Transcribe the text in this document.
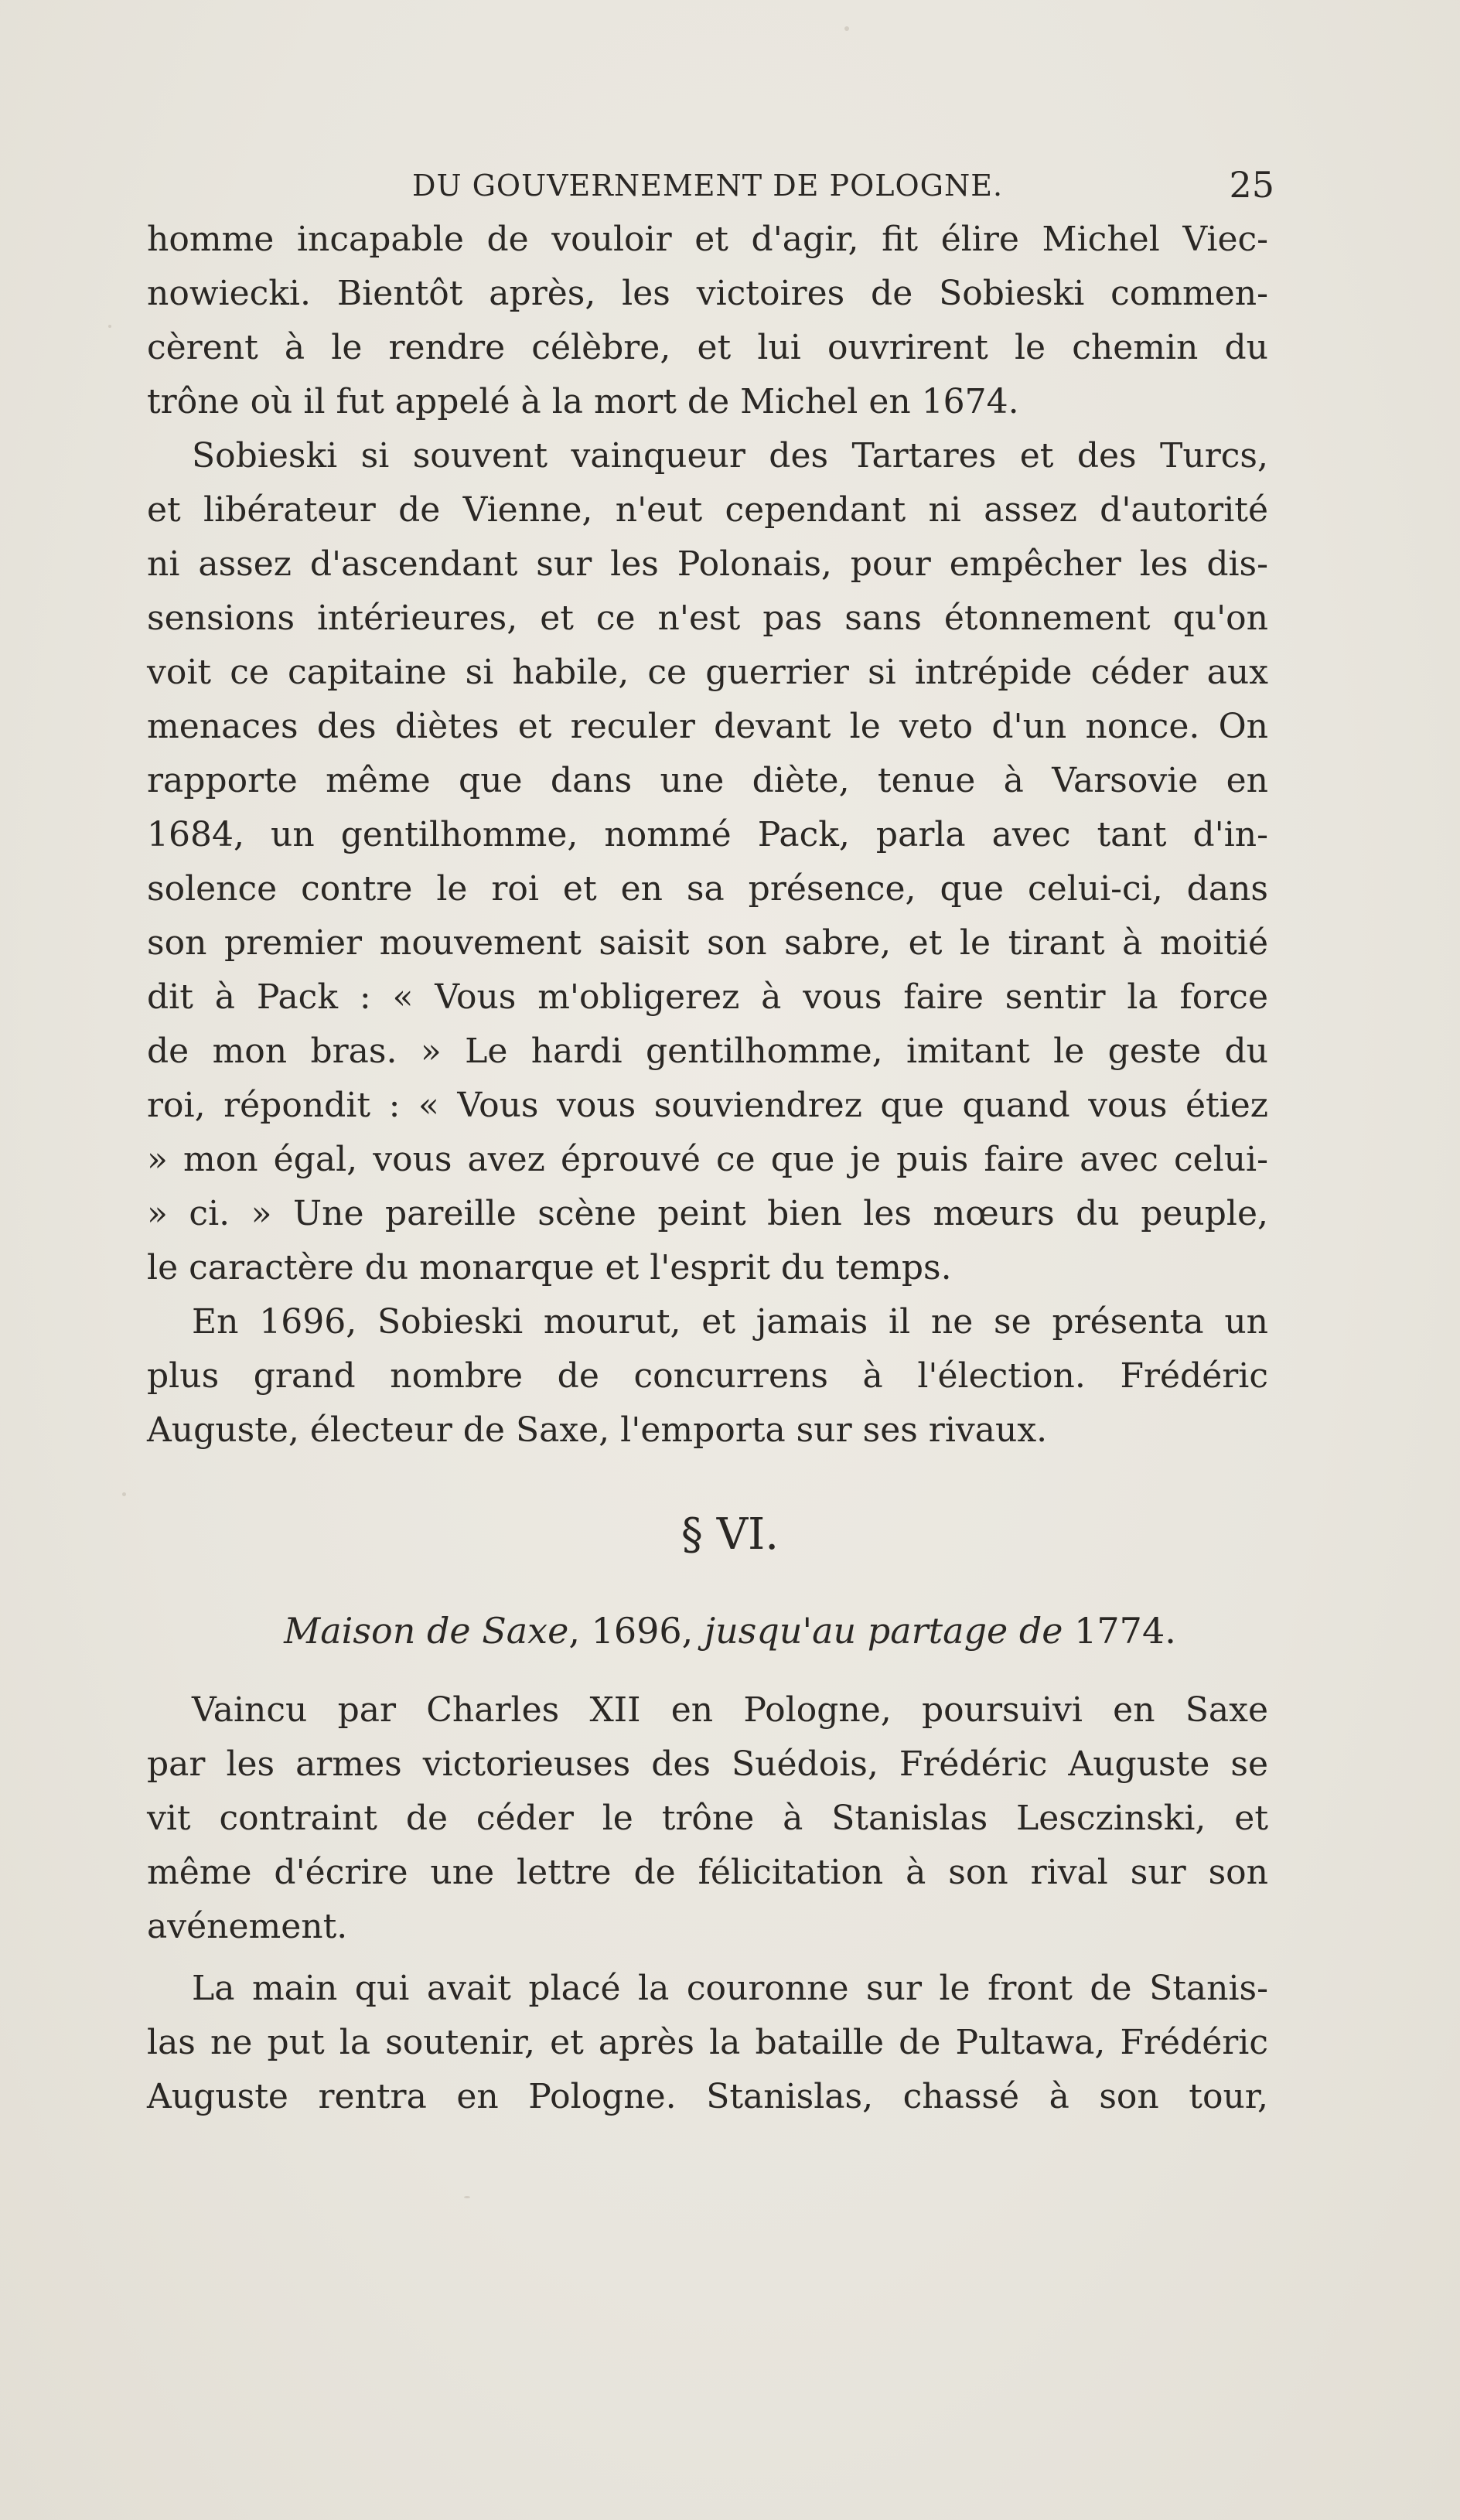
DU GOUVERNEMENT DE POLOGNE.	25
homme incapable de vouloir et d'agir, fit élire Michel Viec-
nowiecki. Bientôt après, les victoires de Sobieski commen-
cèrent à le rendre célèbre, et lui ouvrirent le chemin du
trône où il fut appelé à la mort de Michel en 1674.
Sobieski si souvent vainqueur des Tartares et des Turcs,
et libérateur de Vienne, n'eut cependant ni assez d'autorité
ni assez d'ascendant sur les Polonais, pour empêcher les dis-
sensions intérieures, et ce n'est pas sans étonnement qu'on
voit ce capitaine si habile, ce guerrier si intrépide céder aux
menaces des diètes et reculer devant le veto d'un nonce. On
rapporte même que dans une diète, tenue à Varsovie en
1684, un gentilhomme, nommé Pack, parla avec tant d'in-
solence contre le roi et en sa présence, que celui-ci, dans
son premier mouvement saisit son sabre, et le tirant à moitié
dit à Pack : « Vous m'obligerez à vous faire sentir la force
de mon bras. » Le hardi gentilhomme, imitant le geste du
roi, répondit : « Vous vous souviendrez que quand vous étiez
» mon égal, vous avez éprouvé ce que je puis faire avec celui-
» ci. » Une pareille scène peint bien les mœurs du peuple,
le caractère du monarque et l'esprit du temps.
En 1696, Sobieski mourut, et jamais il ne se présenta un
plus grand nombre de concurrens à l'élection. Frédéric
Auguste, électeur de Saxe, l'emporta sur ses rivaux.
§ VI.
Maison de Saxe, 1696, jusqu'au partage de 1774.
Vaincu par Charles XII en Pologne, poursuivi en Saxe
par les armes victorieuses des Suédois, Frédéric Auguste se
vit contraint de céder le trône à Stanislas Lesczinski, et
même d'écrire une lettre de félicitation à son rival sur son
avénement.
La main qui avait placé la couronne sur le front de Stanis-
las ne put la soutenir, et après la bataille de Pultawa, Frédéric
Auguste rentra en Pologne. Stanislas, chassé à son tour,
